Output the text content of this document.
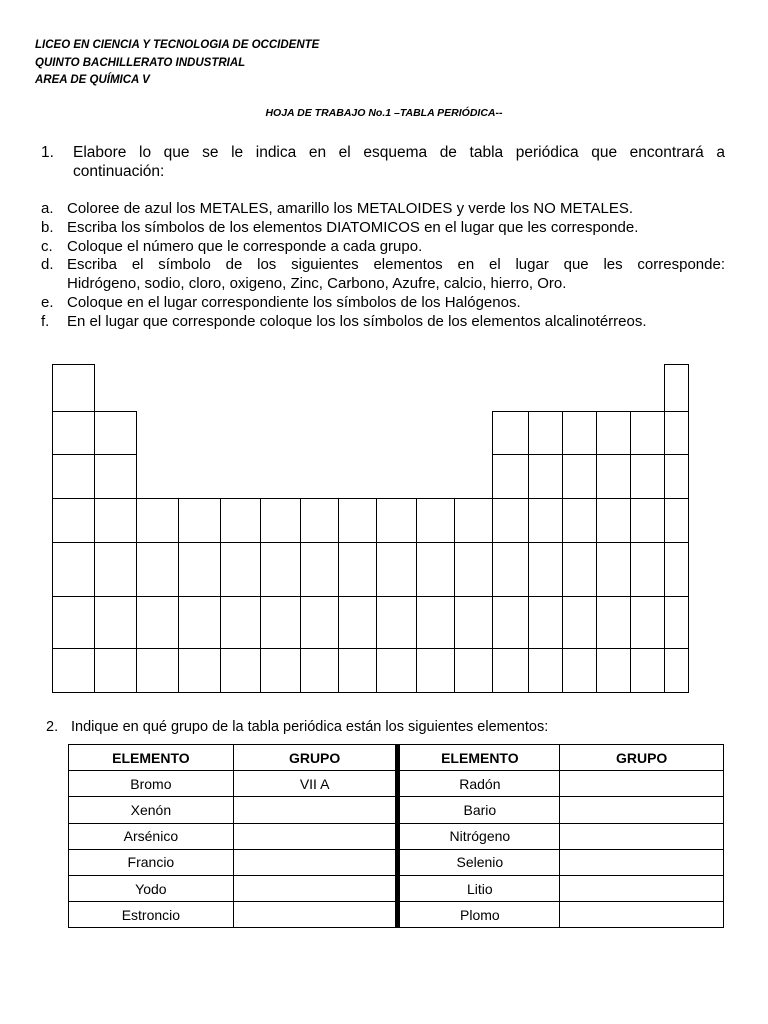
LICEO EN CIENCIA Y TECNOLOGIA DE OCCIDENTE
QUINTO BACHILLERATO INDUSTRIAL
AREA DE QUÍMICA V
HOJA DE TRABAJO No.1 –TABLA PERIÓDICA--
1.	Elabore lo que se le indica en el esquema de tabla periódica que encontrará a
continuación:
a. Coloree de azul los METALES, amarillo los METALOIDES y verde los NO METALES.
b. Escriba los símbolos de los elementos DIATOMICOS en el lugar que les corresponde.
c. Coloque el número que le corresponde a cada grupo.
d. Escriba el símbolo de los siguientes elementos en el lugar que les corresponde:
Hidrógeno, sodio, cloro, oxigeno, Zinc, Carbono, Azufre, calcio, hierro, Oro.
e. Coloque en el lugar correspondiente los símbolos de los Halógenos.
f.	En el lugar que corresponde coloque los los símbolos de los elementos alcalinotérreos.
2. Indique en qué grupo de la tabla periódica están los siguientes elementos:
ELEMENTO	GRUPO	ELEMENTO	GRUPO
Bromo	VII A	Radón	
Xenón		Bario	
Arsénico		Nitrógeno	
Francio		Selenio	
Yodo		Litio	
Estroncio		Plomo	
